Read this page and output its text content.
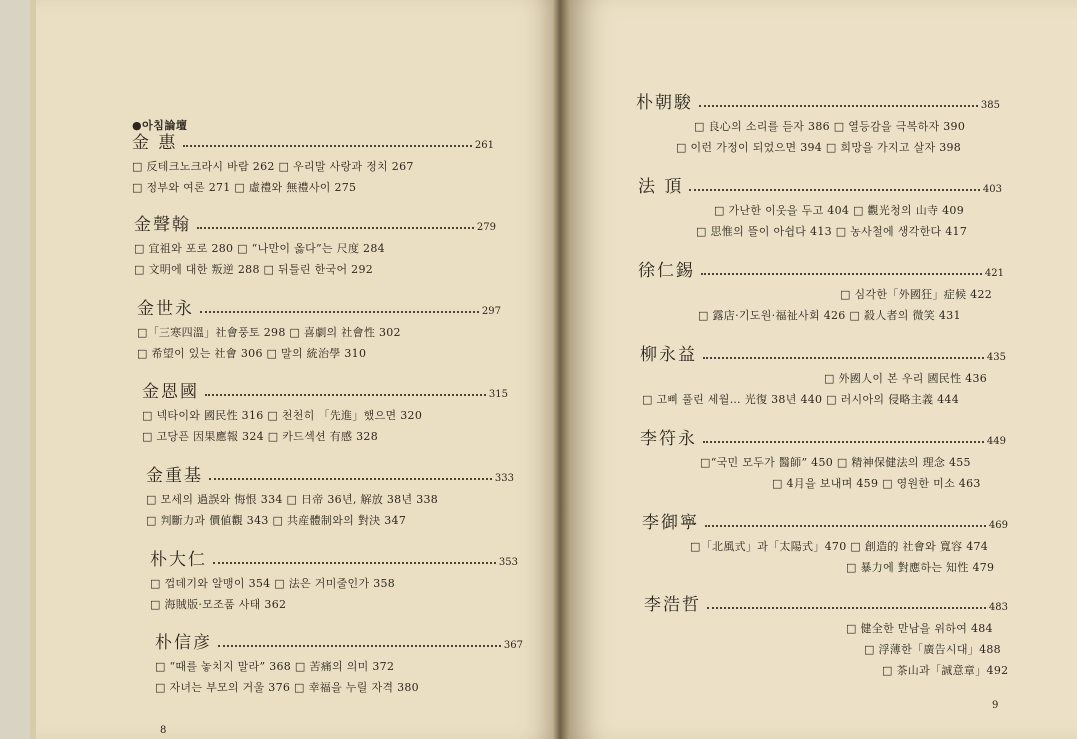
●아침論壇
金 惠	261
□ 反테크노크라시 바람 262 □ 우리말 사랑과 정치 267
□ 정부와 여론 271 □ 虛禮와 無禮사이 275
金聲翰	279
□ 宜祖와 포로 280 □ “나만이 옳다”는 尺度 284
□ 文明에 대한 叛逆 288 □ 뒤틀린 한국어 292
金世永	297
□「三寒四溫」社會풍토 298 □ 喜劇의 社會性 302
□ 希望이 있는 社會 306 □ 말의 統治學 310
金恩國	315
□ 넥타이와 國民性 316 □ 천천히 「先進」했으면 320
□ 고당픈 因果應報 324 □ 카드섹션 有感 328
金重基	333
□ 모세의 過誤와 悔恨 334 □ 日帝 36년, 解放 38년 338
□ 判斷力과 價値觀 343 □ 共産體制와의 對決 347
朴大仁	353
□ 껍데기와 알맹이 354 □ 法은 거미줄인가 358
□ 海賊版·모조품 사태 362
朴信彦	367
□ “때를 놓치지 말라” 368 □ 苦痛의 의미 372
□ 자녀는 부모의 거울 376 □ 幸福을 누릴 자격 380
8
朴朝駿	385
□ 良心의 소리를 듣자 386 □ 열등감을 극복하자 390
□ 이런 가정이 되었으면 394 □ 희망을 가지고 살자 398
法 頂	403
□ 가난한 이웃을 두고 404 □ 觀光청의 山寺 409
□ 思惟의 뜰이 아쉽다 413 □ 농사철에 생각한다 417
徐仁錫	421
□ 심각한「外國狂」症候 422
□ 露店·기도원·福祉사회 426 □ 殺人者의 微笑 431
柳永益	435
□ 外國人이 본 우리 國民性 436
□ 고삐 풀린 세월… 光復 38년 440 □ 러시아의 侵略主義 444
李符永	449
□“국민 모두가 醫師” 450 □ 精神保健法의 理念 455
□ 4月을 보내며 459 □ 영원한 미소 463
李御寧	469
□「北風式」과「太陽式」470 □ 創造的 社會와 寬容 474
□ 暴力에 對應하는 知性 479
李浩哲	483
□ 健全한 만남을 위하여 484
□ 浮薄한「廣告시대」488
□ 茶山과「誠意章」492
9
